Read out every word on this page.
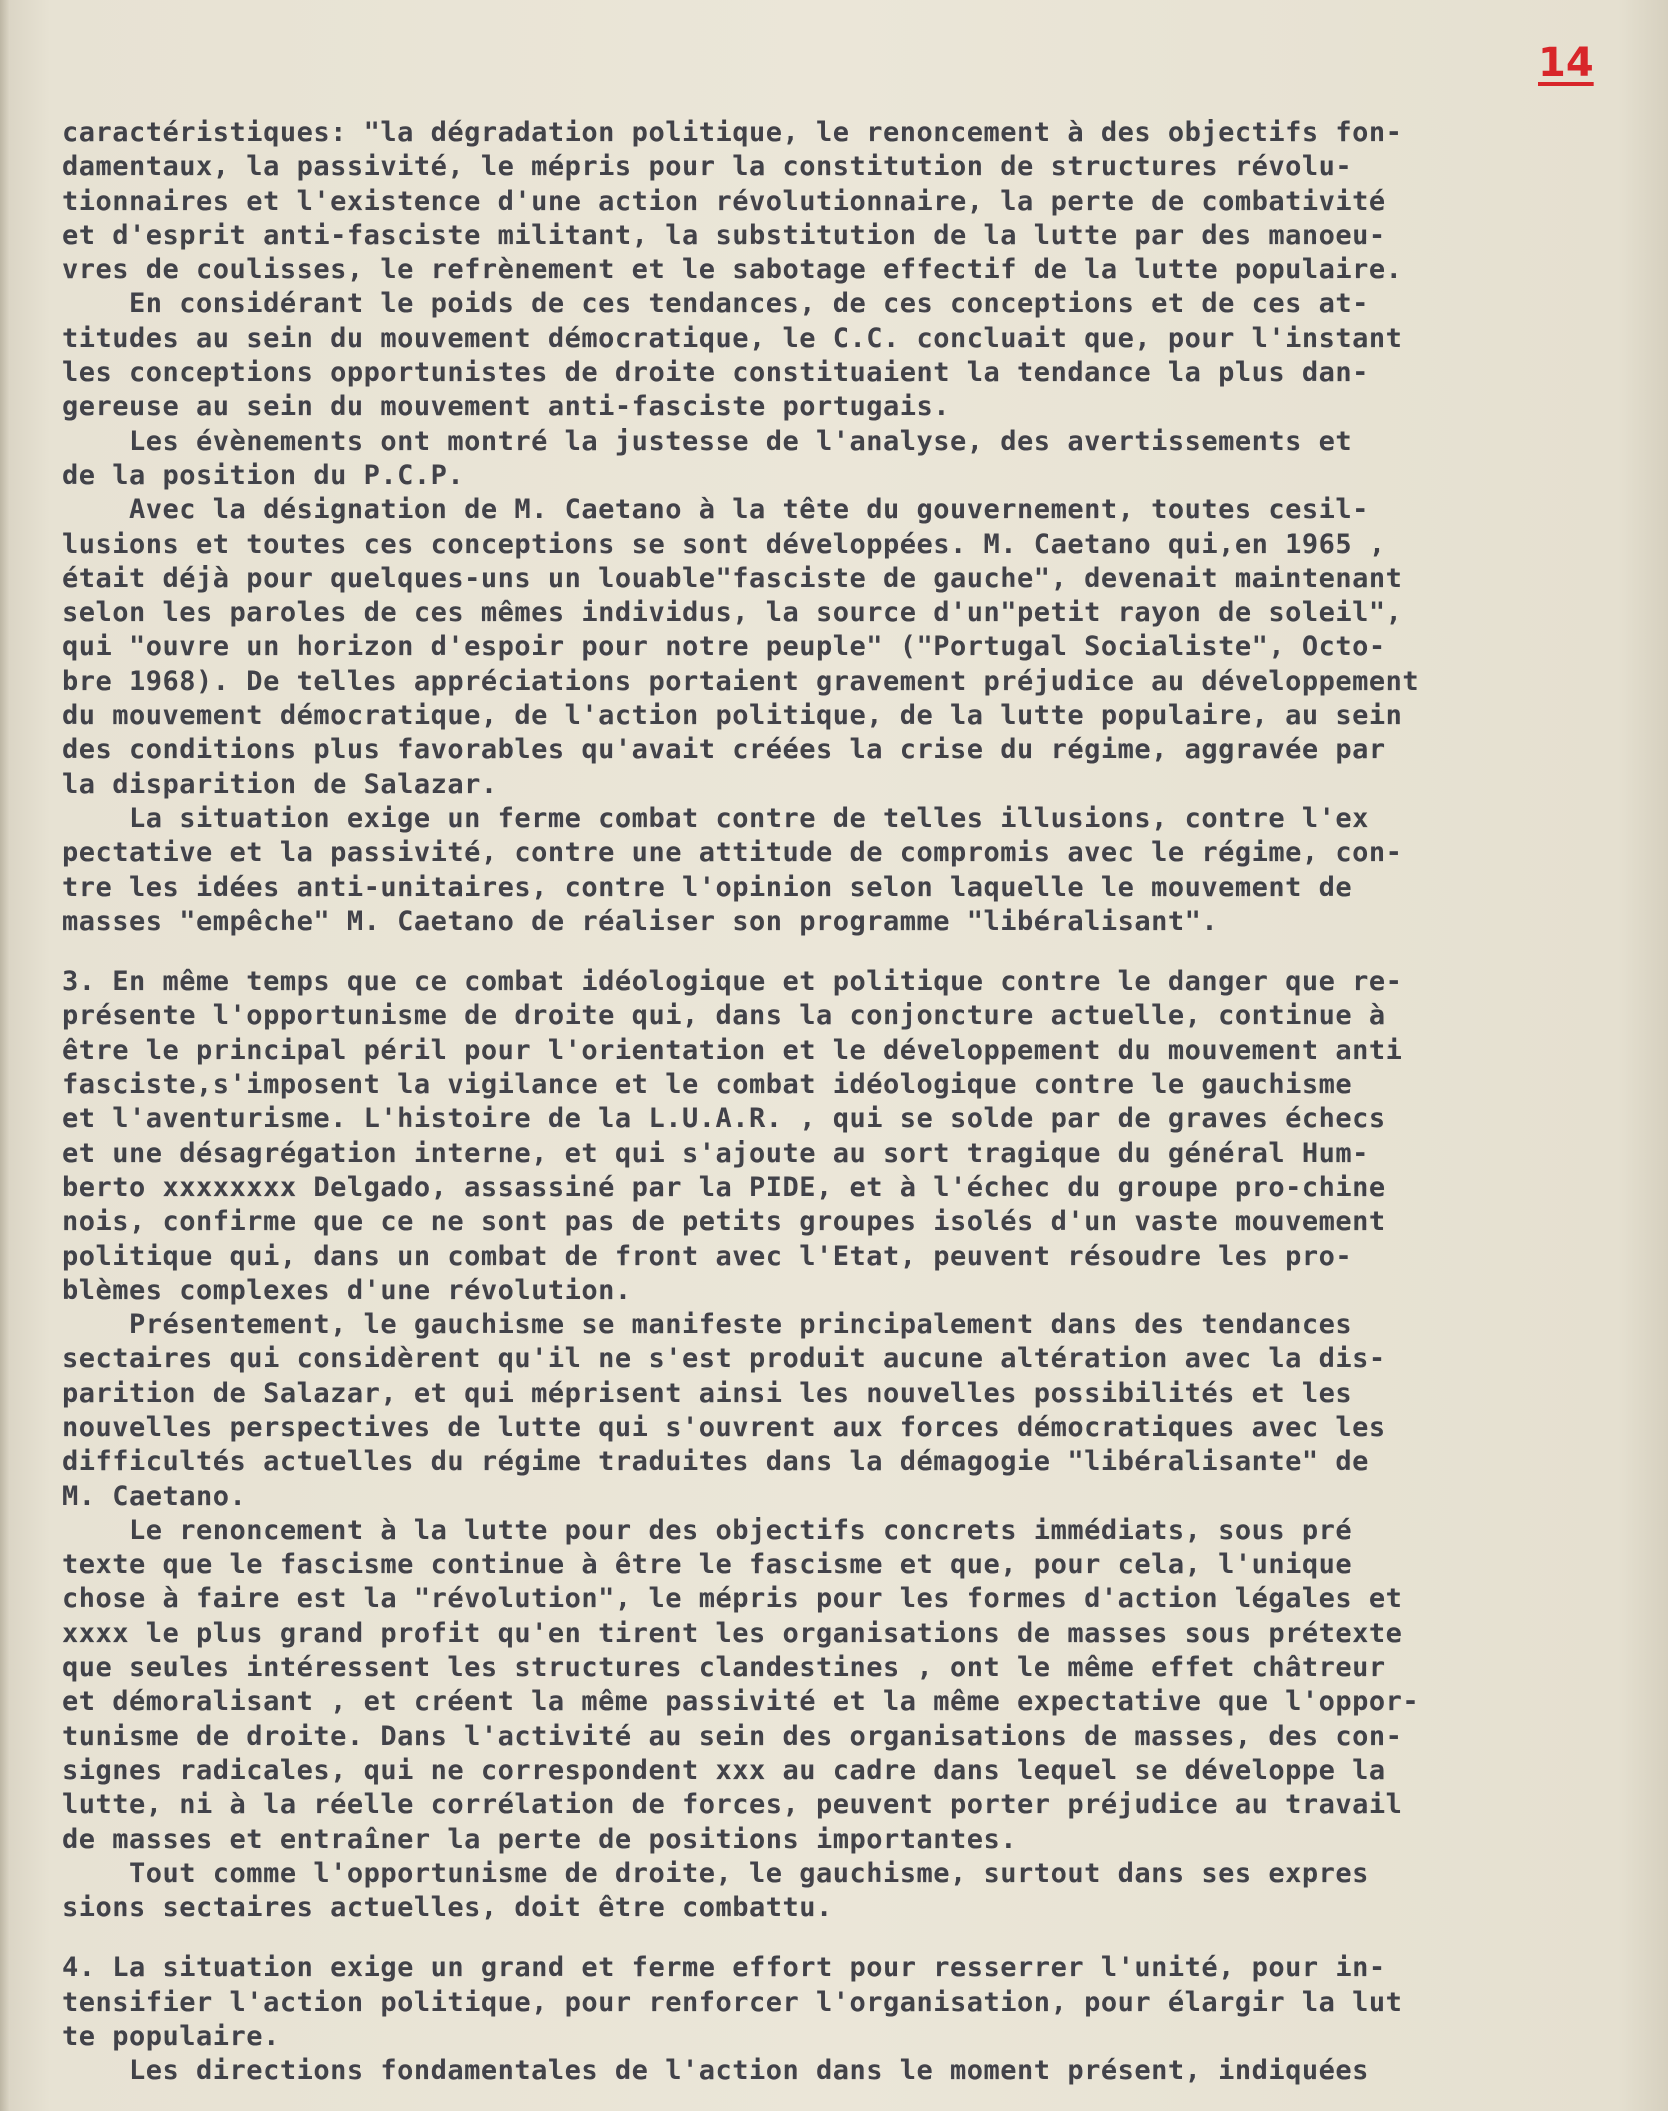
14
caractéristiques: "la dégradation politique, le renoncement à des objectifs fon-
damentaux, la passivité, le mépris pour la constitution de structures révolu-
tionnaires et l'existence d'une action révolutionnaire, la perte de combativité
et d'esprit anti-fasciste militant, la substitution de la lutte par des manoeu-
vres de coulisses, le refrènement et le sabotage effectif de la lutte populaire.
En considérant le poids de ces tendances, de ces conceptions et de ces at-
titudes au sein du mouvement démocratique, le C.C. concluait que, pour l'instant
les conceptions opportunistes de droite constituaient la tendance la plus dan-
gereuse au sein du mouvement anti-fasciste portugais.
Les évènements ont montré la justesse de l'analyse, des avertissements et
de la position du P.C.P.
Avec la désignation de M. Caetano à la tête du gouvernement, toutes cesil-
lusions et toutes ces conceptions se sont développées. M. Caetano qui,en 1965 ,
était déjà pour quelques-uns un louable"fasciste de gauche", devenait maintenant
selon les paroles de ces mêmes individus, la source d'un"petit rayon de soleil",
qui "ouvre un horizon d'espoir pour notre peuple" ("Portugal Socialiste", Octo-
bre 1968). De telles appréciations portaient gravement préjudice au développement
du mouvement démocratique, de l'action politique, de la lutte populaire, au sein
des conditions plus favorables qu'avait créées la crise du régime, aggravée par
la disparition de Salazar.
La situation exige un ferme combat contre de telles illusions, contre l'ex
pectative et la passivité, contre une attitude de compromis avec le régime, con-
tre les idées anti-unitaires, contre l'opinion selon laquelle le mouvement de
masses "empêche" M. Caetano de réaliser son programme "libéralisant".
3. En même temps que ce combat idéologique et politique contre le danger que re-
présente l'opportunisme de droite qui, dans la conjoncture actuelle, continue à
être le principal péril pour l'orientation et le développement du mouvement anti
fasciste,s'imposent la vigilance et le combat idéologique contre le gauchisme
et l'aventurisme. L'histoire de la L.U.A.R. , qui se solde par de graves échecs
et une désagrégation interne, et qui s'ajoute au sort tragique du général Hum-
berto xxxxxxxx Delgado, assassiné par la PIDE, et à l'échec du groupe pro-chine
nois, confirme que ce ne sont pas de petits groupes isolés d'un vaste mouvement
politique qui, dans un combat de front avec l'Etat, peuvent résoudre les pro-
blèmes complexes d'une révolution.
Présentement, le gauchisme se manifeste principalement dans des tendances
sectaires qui considèrent qu'il ne s'est produit aucune altération avec la dis-
parition de Salazar, et qui méprisent ainsi les nouvelles possibilités et les
nouvelles perspectives de lutte qui s'ouvrent aux forces démocratiques avec les
difficultés actuelles du régime traduites dans la démagogie "libéralisante" de
M. Caetano.
Le renoncement à la lutte pour des objectifs concrets immédiats, sous pré
texte que le fascisme continue à être le fascisme et que, pour cela, l'unique
chose à faire est la "révolution", le mépris pour les formes d'action légales et
xxxx le plus grand profit qu'en tirent les organisations de masses sous prétexte
que seules intéressent les structures clandestines , ont le même effet châtreur
et démoralisant , et créent la même passivité et la même expectative que l'oppor-
tunisme de droite. Dans l'activité au sein des organisations de masses, des con-
signes radicales, qui ne correspondent xxx au cadre dans lequel se développe la
lutte, ni à la réelle corrélation de forces, peuvent porter préjudice au travail
de masses et entraîner la perte de positions importantes.
Tout comme l'opportunisme de droite, le gauchisme, surtout dans ses expres
sions sectaires actuelles, doit être combattu.
4. La situation exige un grand et ferme effort pour resserrer l'unité, pour in-
tensifier l'action politique, pour renforcer l'organisation, pour élargir la lut
te populaire.
Les directions fondamentales de l'action dans le moment présent, indiquées
